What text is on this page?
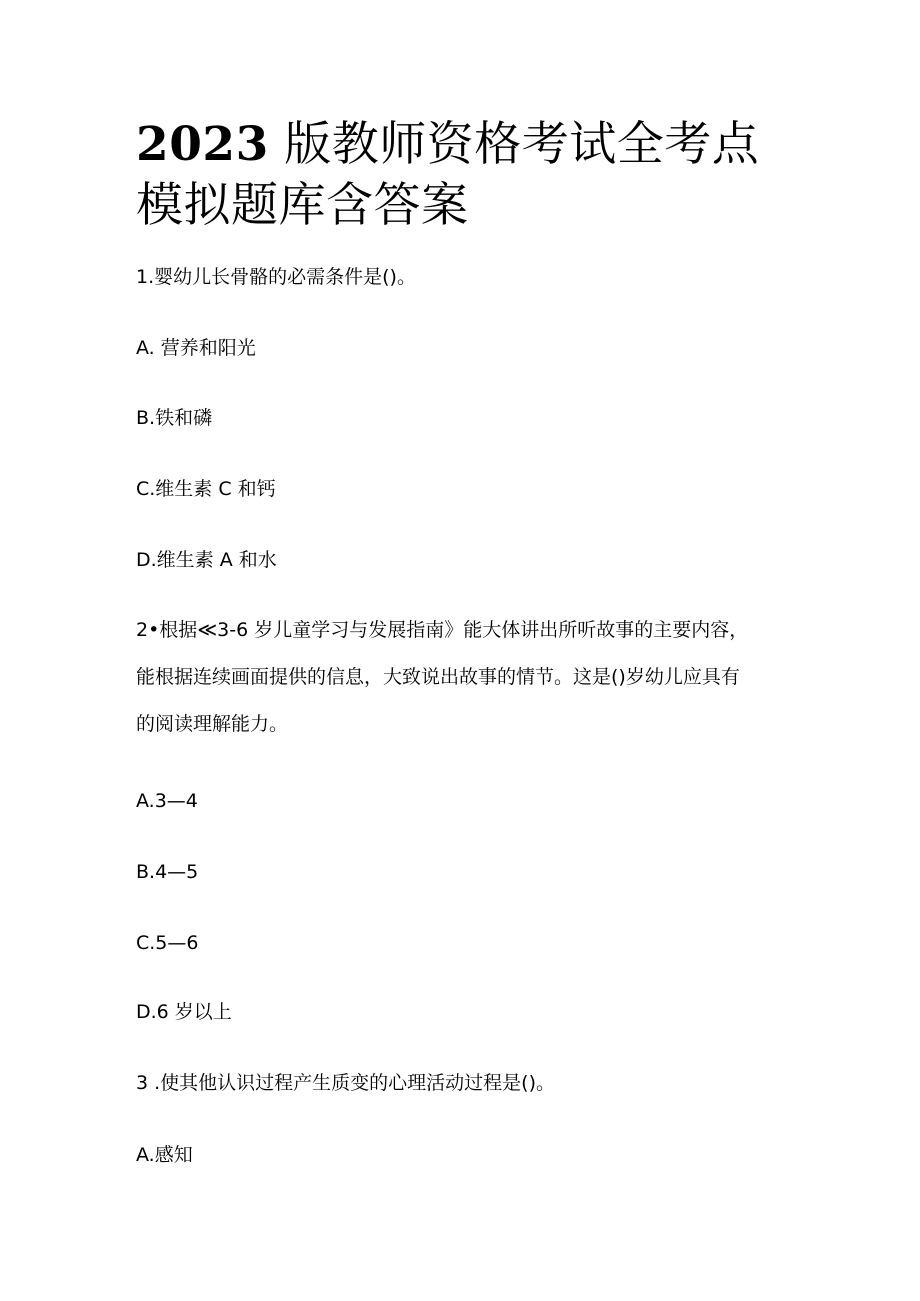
2023 版教师资格考试全考点模拟题库含答案

1.婴幼儿长骨骼的必需条件是()。

A. 营养和阳光

B.铁和磷

C.维生素 C 和钙

D.维生素 A 和水

2•根据≪3-6 岁儿童学习与发展指南》能大体讲出所听故事的主要内容，
能根据连续画面提供的信息，大致说出故事的情节。这是()岁幼儿应具有
的阅读理解能力。

A.3—4

B.4—5

C.5—6

D.6 岁以上

3 .使其他认识过程产生质变的心理活动过程是()。

A.感知
